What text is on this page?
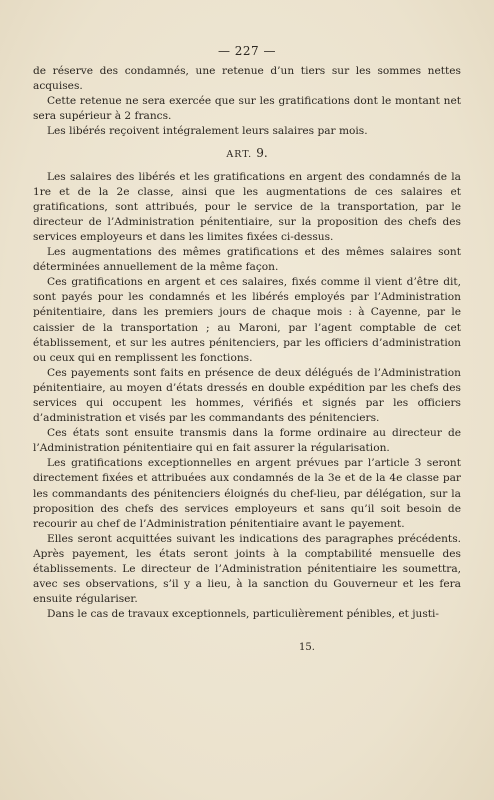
— 227 —

de réserve des condamnés, une retenue d’un tiers sur les sommes nettes acquises.

Cette retenue ne sera exercée que sur les gratifications dont le montant net sera supérieur à 2 francs.

Les libérés reçoivent intégralement leurs salaires par mois.

ART. 9.

Les salaires des libérés et les gratifications en argent des condamnés de la 1re et de la 2e classe, ainsi que les augmentations de ces salaires et gratifications, sont attribués, pour le service de la transportation, par le directeur de l’Administration pénitentiaire, sur la proposition des chefs des services employeurs et dans les limites fixées ci-dessus.

Les augmentations des mêmes gratifications et des mêmes salaires sont déterminées annuellement de la même façon.

Ces gratifications en argent et ces salaires, fixés comme il vient d’être dit, sont payés pour les condamnés et les libérés employés par l’Administration pénitentiaire, dans les premiers jours de chaque mois : à Cayenne, par le caissier de la transportation ; au Maroni, par l’agent comptable de cet établissement, et sur les autres pénitenciers, par les officiers d’administration ou ceux qui en remplissent les fonctions.

Ces payements sont faits en présence de deux délégués de l’Administration pénitentiaire, au moyen d’états dressés en double expédition par les chefs des services qui occupent les hommes, vérifiés et signés par les officiers d’administration et visés par les commandants des pénitenciers.

Ces états sont ensuite transmis dans la forme ordinaire au directeur de l’Administration pénitentiaire qui en fait assurer la régularisation.

Les gratifications exceptionnelles en argent prévues par l’article 3 seront directement fixées et attribuées aux condamnés de la 3e et de la 4e classe par les commandants des pénitenciers éloignés du chef-lieu, par délégation, sur la proposition des chefs des services employeurs et sans qu’il soit besoin de recourir au chef de l’Administration pénitentiaire avant le payement.

Elles seront acquittées suivant les indications des paragraphes précédents. Après payement, les états seront joints à la comptabilité mensuelle des établissements. Le directeur de l’Administration pénitentiaire les soumettra, avec ses observations, s’il y a lieu, à la sanction du Gouverneur et les fera ensuite régulariser.

Dans le cas de travaux exceptionnels, particulièrement pénibles, et justi-

15.
